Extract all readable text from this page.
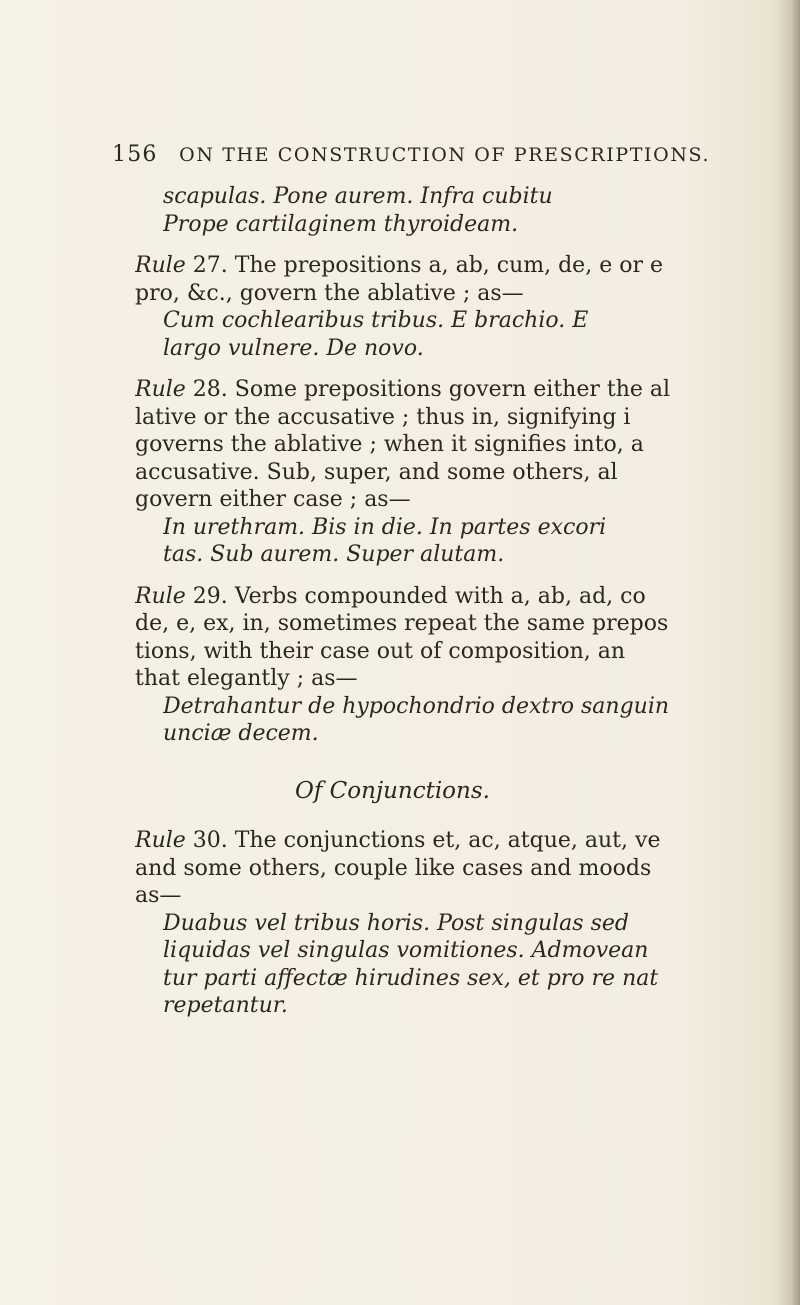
156 ON THE CONSTRUCTION OF PRESCRIPTIONS.
scapulas. Pone aurem. Infra cubitu
Prope cartilaginem thyroideam.
Rule 27. The prepositions a, ab, cum, de, e or e
pro, &c., govern the ablative ; as—
Cum cochlearibus tribus. E brachio. E
largo vulnere. De novo.
Rule 28. Some prepositions govern either the al
lative or the accusative ; thus in, signifying i
governs the ablative ; when it signifies into, a
accusative. Sub, super, and some others, al
govern either case ; as—
In urethram. Bis in die. In partes excori
tas. Sub aurem. Super alutam.
Rule 29. Verbs compounded with a, ab, ad, co
de, e, ex, in, sometimes repeat the same prepos
tions, with their case out of composition, an
that elegantly ; as—
Detrahantur de hypochondrio dextro sanguin
unciæ decem.
Of Conjunctions.
Rule 30. The conjunctions et, ac, atque, aut, ve
and some others, couple like cases and moods
as—
Duabus vel tribus horis. Post singulas sed
liquidas vel singulas vomitiones. Admovean
tur parti affectæ hirudines sex, et pro re nat
repetantur.
